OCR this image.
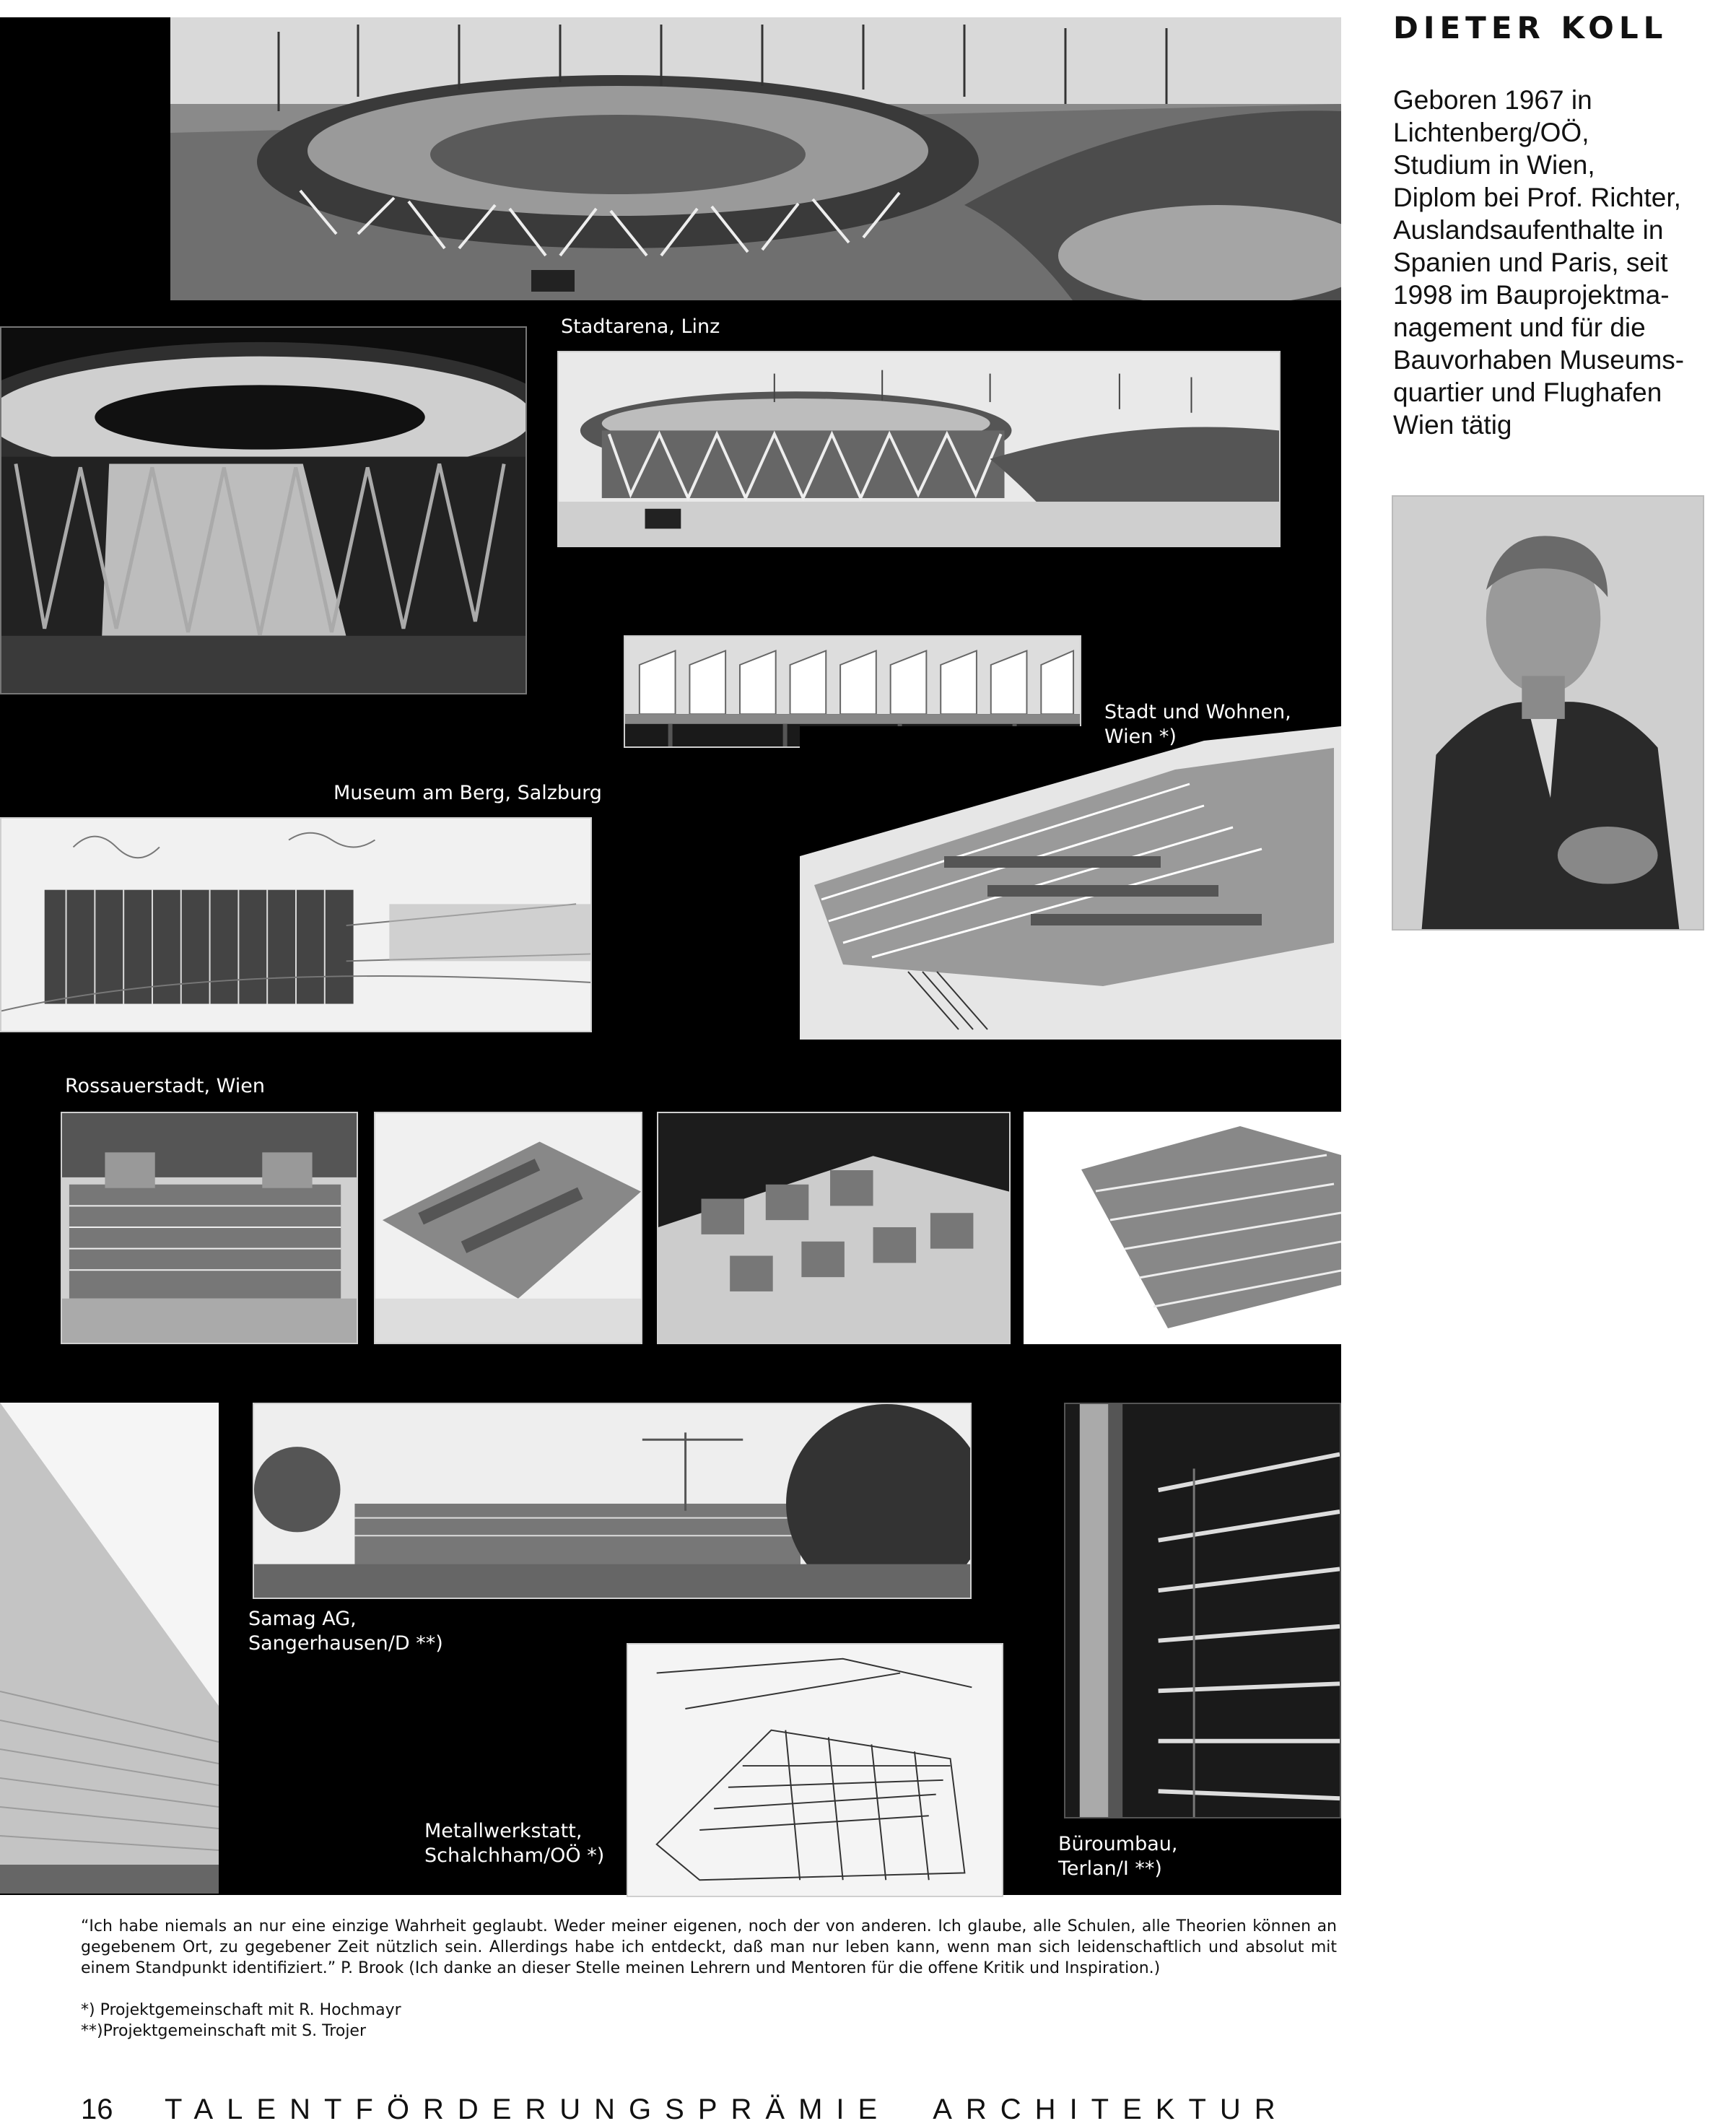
Stadtarena, Linz
Stadt und Wohnen,
Wien *)
Museum am Berg, Salzburg
Rossauerstadt, Wien
Samag AG,
Sangerhausen/D **)
Metallwerkstatt,
Schalchham/OÖ *)
Büroumbau,
Terlan/I **)
DIETER KOLL
Geboren 1967 in
Lichtenberg/OÖ,
Studium in Wien,
Diplom bei Prof. Richter,
Auslandsaufenthalte in
Spanien und Paris, seit
1998 im Bauprojektma-
nagement und für die
Bauvorhaben Museums-
quartier und Flughafen
Wien tätig
“Ich habe niemals an nur eine einzige Wahrheit geglaubt. Weder meiner eigenen, noch der von anderen. Ich glaube, alle Schulen, alle Theorien können an gegebenem Ort, zu gegebener Zeit nützlich sein. Allerdings habe ich entdeckt, daß man nur leben kann, wenn man sich leidenschaftlich und absolut mit einem Standpunkt identifiziert.” P. Brook (Ich danke an dieser Stelle meinen Lehrern und Mentoren für die offene Kritik und Inspiration.)
*) Projektgemeinschaft mit R. Hochmayr
**)Projektgemeinschaft mit S. Trojer
16 TALENTFÖRDERUNGSPRÄMIE  ARCHITEKTUR
